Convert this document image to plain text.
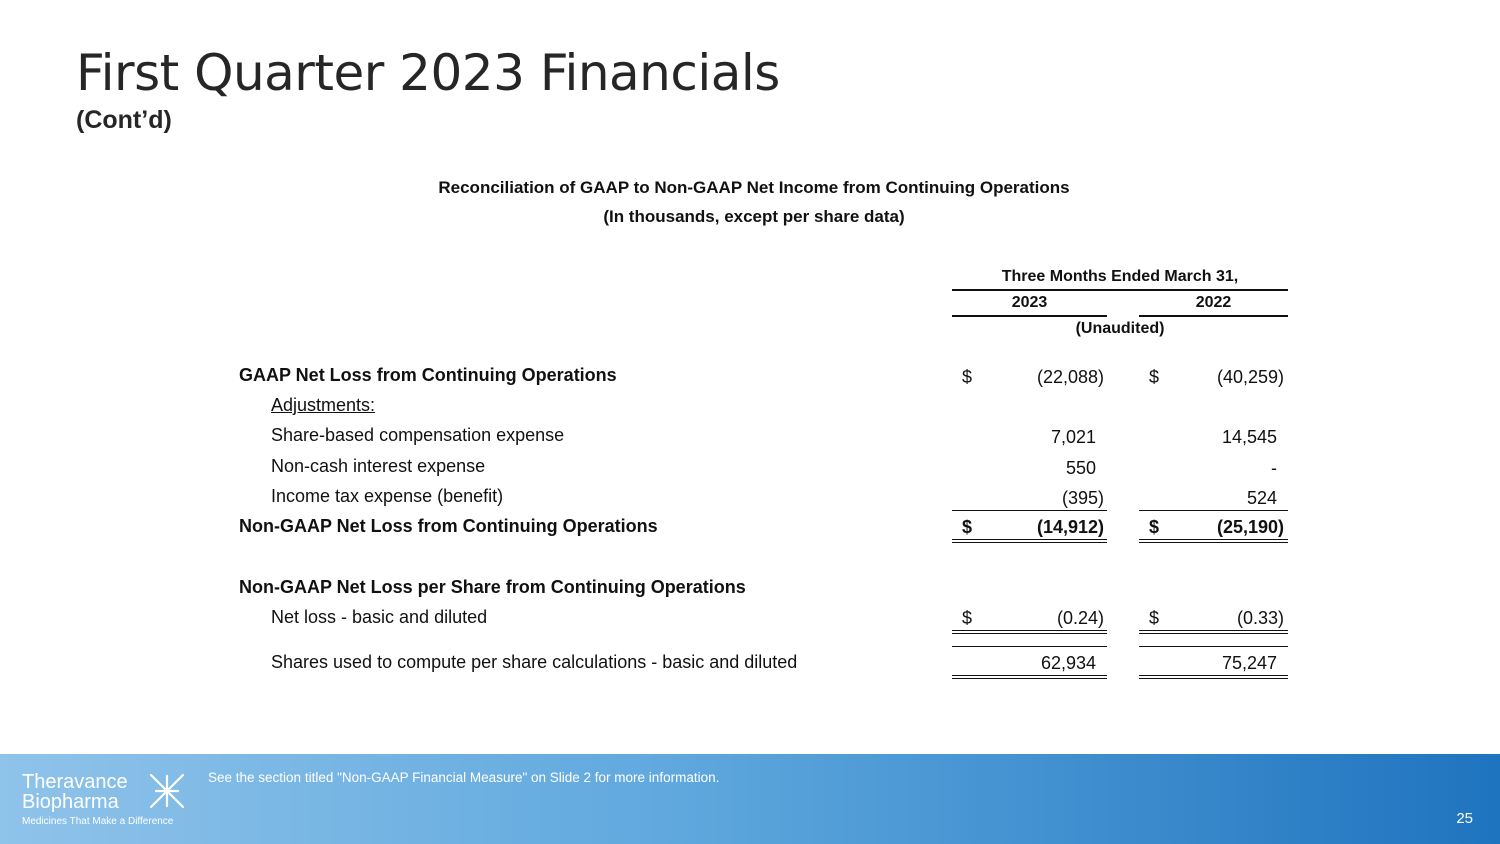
First Quarter 2023 Financials
(Cont’d)
Reconciliation of GAAP to Non-GAAP Net Income from Continuing Operations
(In thousands, except per share data)
Three Months Ended March 31,
2023	2022
(Unaudited)
GAAP Net Loss from Continuing Operations	$	(22,088)	$	(40,259)
Adjustments:
Share-based compensation expense	7,021	14,545
Non-cash interest expense	550	-
Income tax expense (benefit)	(395)	524
Non-GAAP Net Loss from Continuing Operations	$	(14,912)	$	(25,190)
Non-GAAP Net Loss per Share from Continuing Operations
Net loss - basic and diluted	$	(0.24)	$	(0.33)
Shares used to compute per share calculations - basic and diluted	62,934	75,247
Theravance
Biopharma
Medicines That Make a Difference
See the section titled "Non-GAAP Financial Measure" on Slide 2 for more information.
25
